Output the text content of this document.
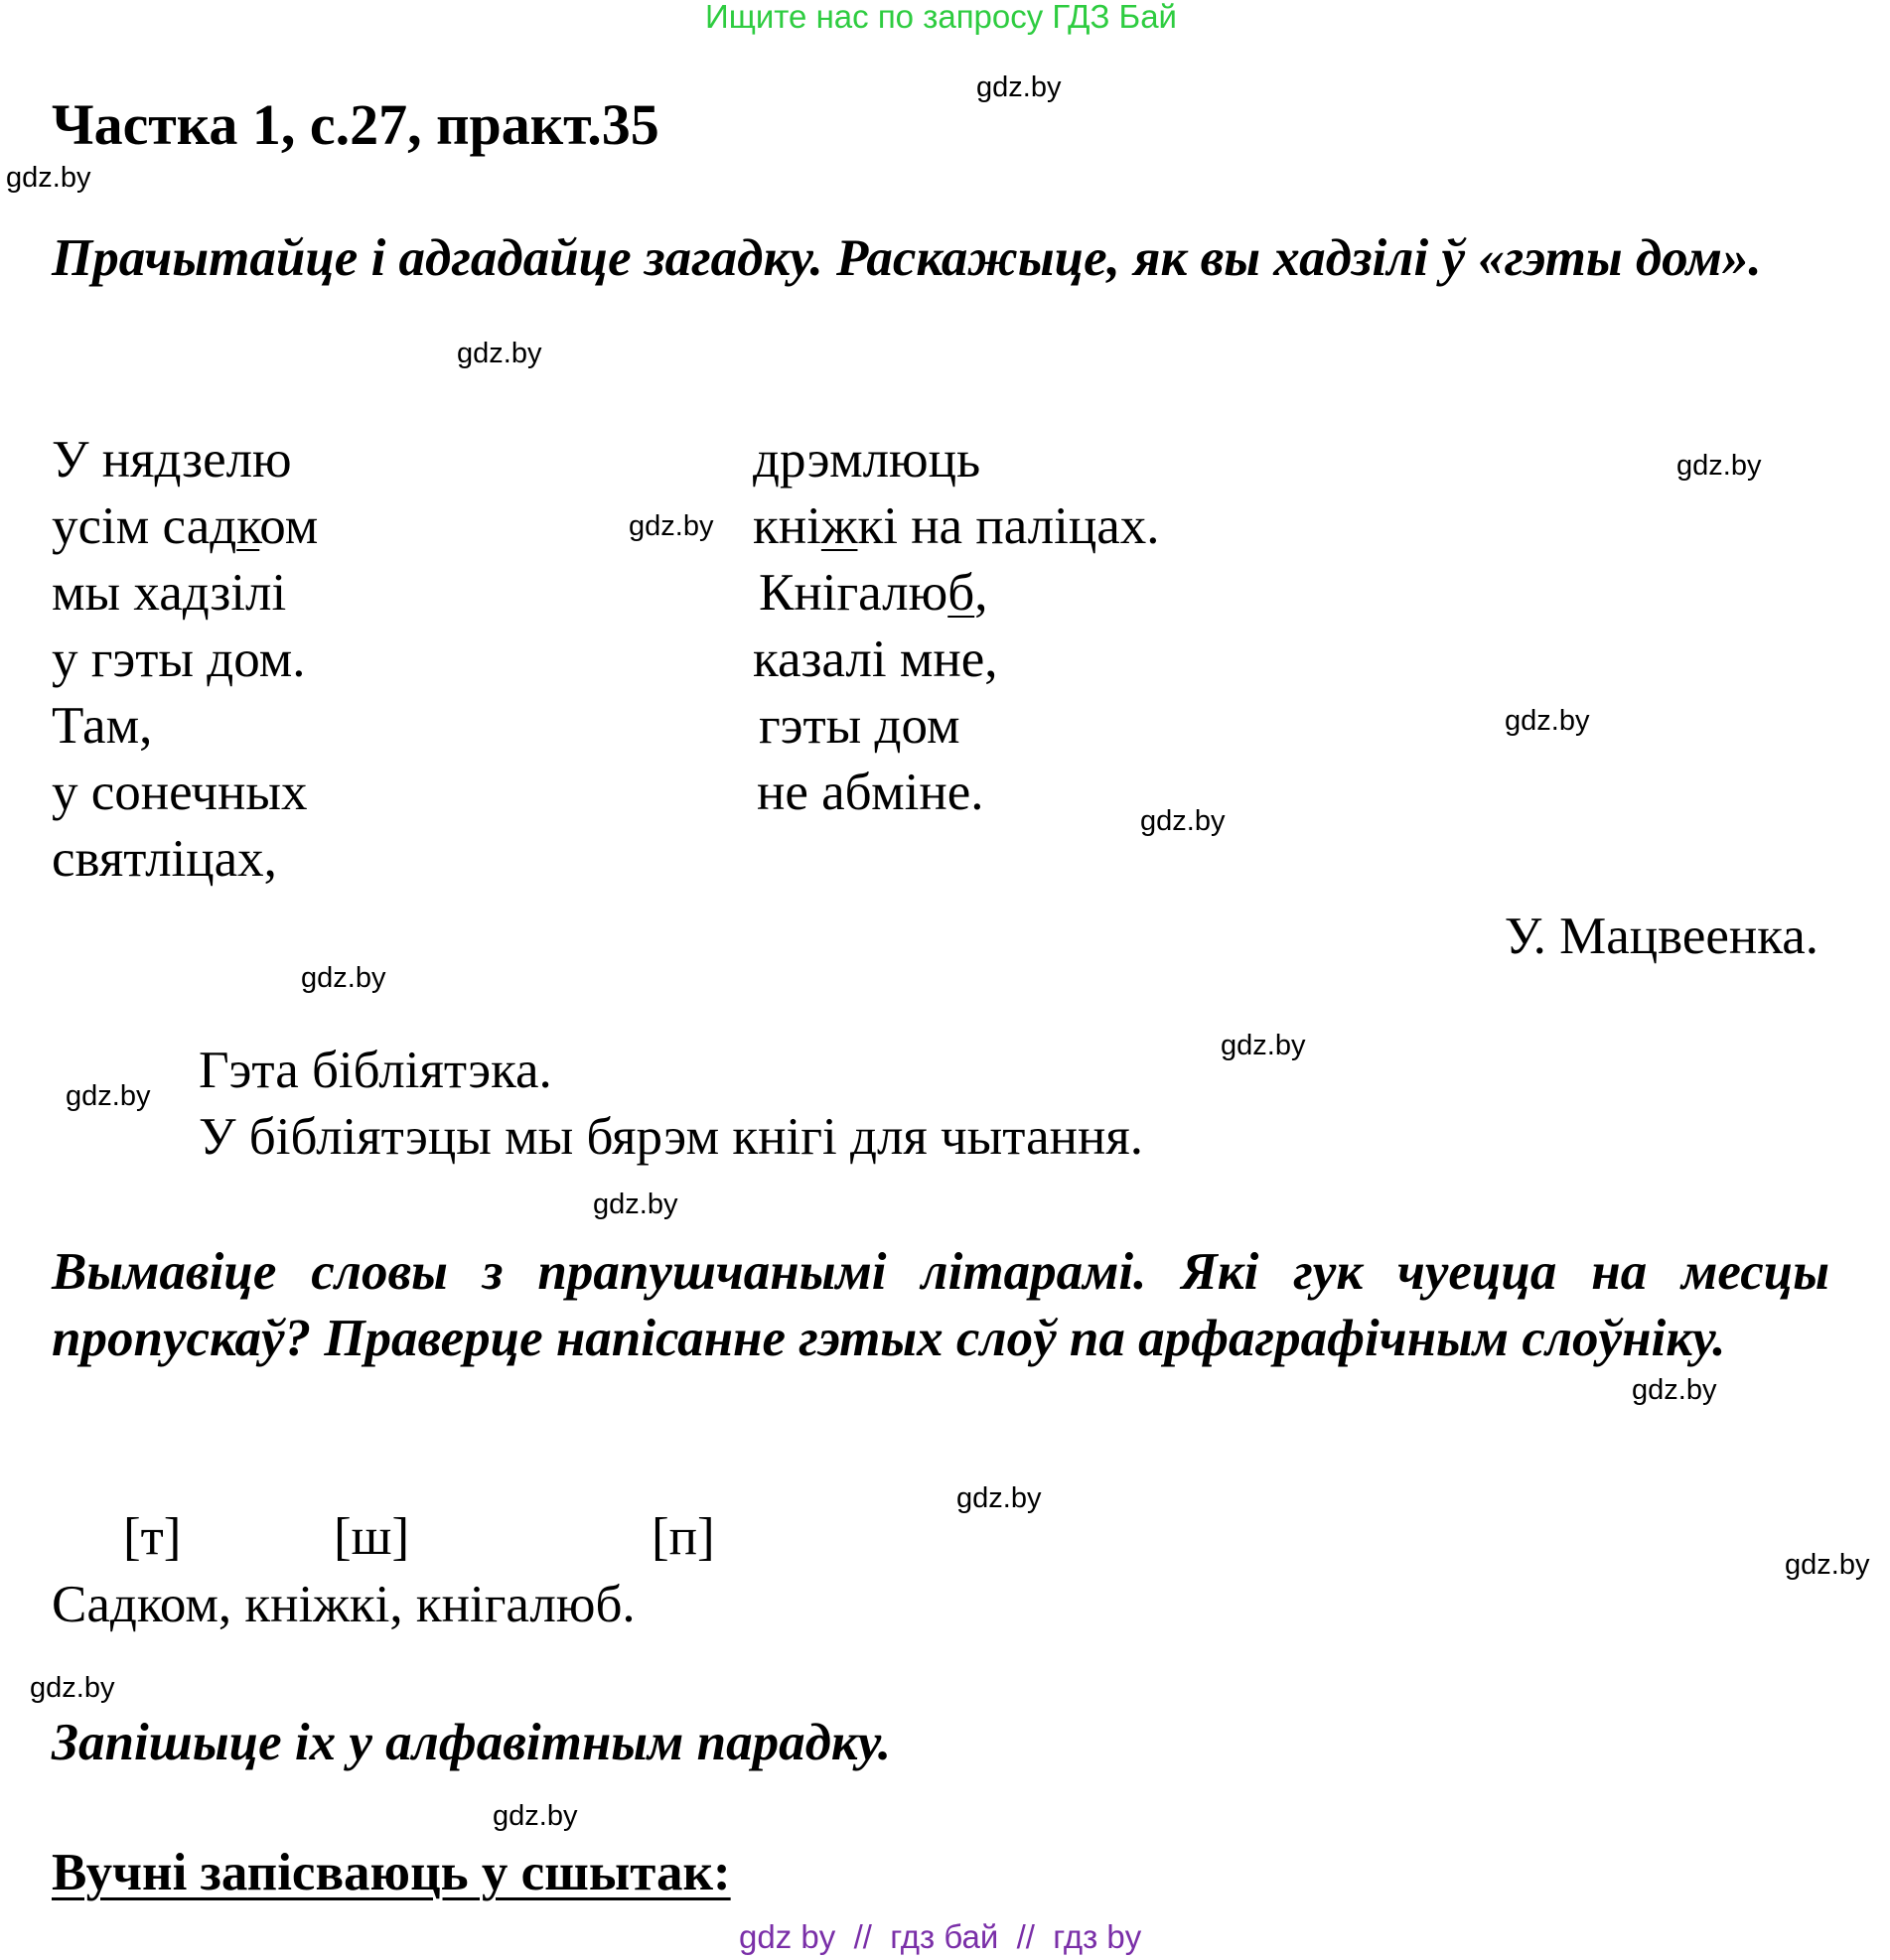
Ищите нас по запросу ГДЗ Бай
Частка 1, с.27, практ.35
gdz.by
gdz.by
gdz.by
gdz.by
gdz.by
gdz.by
gdz.by
gdz.by
gdz.by
gdz.by
gdz.by
gdz.by
gdz.by
gdz.by
gdz.by
gdz.by
Прачытайце і адгадайце загадку. Раскажыце, як вы хадзілі ў «гэты дом».
У нядзелю
усім садком
мы хадзілі
у гэты дом.
Там,
у сонечных
святліцах,
дрэмлюць
кніжкі на паліцах.
Кнігалюб,
казалі мне,
гэты дом
не абміне.
У. Мацвеенка.
Гэта бібліятэка.
У бібліятэцы мы бярэм кнігі для чытання.
Вымавіце словы з прапушчанымі літарамі. Які гук чуецца на месцы пропускаў? Праверце напісанне гэтых слоў па арфаграфічным слоўніку.
[т]	[ш]	[п]
Садком, кніжкі, кнігалюб.
Запішыце іх у алфавітным парадку.
Вучні запісваюць у сшытак:
gdz by  //  гдз бай  //  гдз by
